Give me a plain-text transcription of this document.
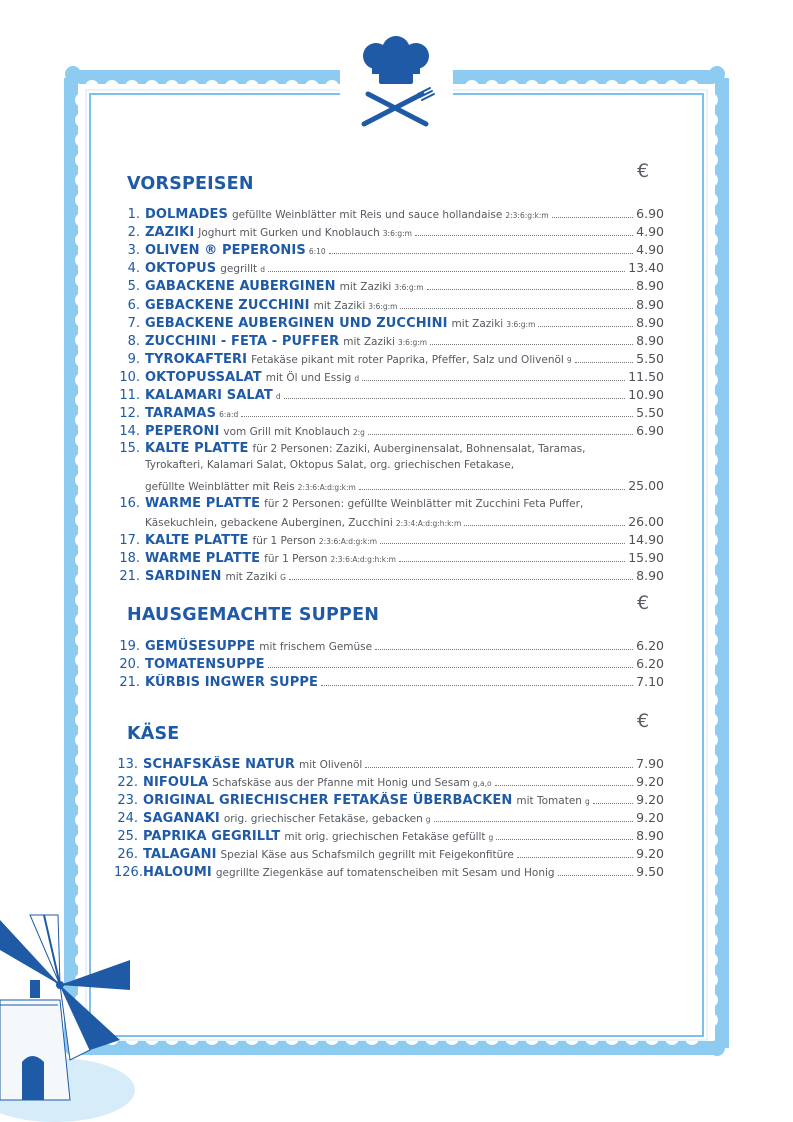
VORSPEISEN
€
1. DOLMADES gefüllte Weinblätter mit Reis und sauce hollandaise 2:3:6:g:k:m	6.90
2. ZAZIKI Joghurt mit Gurken und Knoblauch 3:6:g:m	4.90
3. OLIVEN ® PEPERONIS 6:10	4.90
4. OKTOPUS gegrillt d	13.40
5. GABACKENE AUBERGINEN mit Zaziki 3:6:g:m	8.90
6. GEBACKENE ZUCCHINI mit Zaziki 3:6:g:m	8.90
7. GEBACKENE AUBERGINEN UND ZUCCHINI mit Zaziki 3:6:g:m	8.90
8. ZUCCHINI - FETA - PUFFER mit Zaziki 3:6:g:m	8.90
9. TYROKAFTERI Fetakäse pikant mit roter Paprika, Pfeffer, Salz und Olivenöl 9	5.50
10. OKTOPUSSALAT mit Öl und Essig d	11.50
11. KALAMARI SALAT d	10.90
12. TARAMAS 6:a:d	5.50
14. PEPERONI vom Grill mit Knoblauch 2:g	6.90
15. KALTE PLATTE für 2 Personen: Zaziki, Auberginensalat, Bohnensalat, Taramas,
Tyrokafteri, Kalamari Salat, Oktopus Salat, org. griechischen Fetakase,
gefüllte Weinblätter mit Reis 2:3:6:A:d:g:k:m	25.00
16. WARME PLATTE für 2 Personen: gefüllte Weinblätter mit Zucchini Feta Puffer,
Käsekuchlein, gebackene Auberginen, Zucchini 2:3:4:A:d:g:h:k:m	26.00
17. KALTE PLATTE für 1 Person 2:3:6:A:d:g:k:m	14.90
18. WARME PLATTE für 1 Person 2:3:6:A:d:g:h:k:m	15.90
21. SARDINEN mit Zaziki G	8.90
HAUSGEMACHTE SUPPEN
€
19. GEMÜSESUPPE mit frischem Gemüse	6.20
20. TOMATENSUPPE	6.20
21. KÜRBIS INGWER SUPPE	7.10
KÄSE
€
13. SCHAFSKÄSE NATUR mit Olivenöl	7.90
22. NIFOULA Schafskäse aus der Pfanne mit Honig und Sesam g,a,o	9.20
23. ORIGINAL GRIECHISCHER FETAKÄSE ÜBERBACKEN mit Tomaten g	9.20
24. SAGANAKI orig. griechischer Fetakäse, gebacken g	9.20
25. PAPRIKA GEGRILLT mit orig. griechischen Fetakäse gefüllt g	8.90
26. TALAGANI Spezial Käse aus Schafsmilch gegrillt mit Feigekonfitüre	9.20
126. HALOUMI gegrillte Ziegenkäse auf tomatenscheiben mit Sesam und Honig	9.50
